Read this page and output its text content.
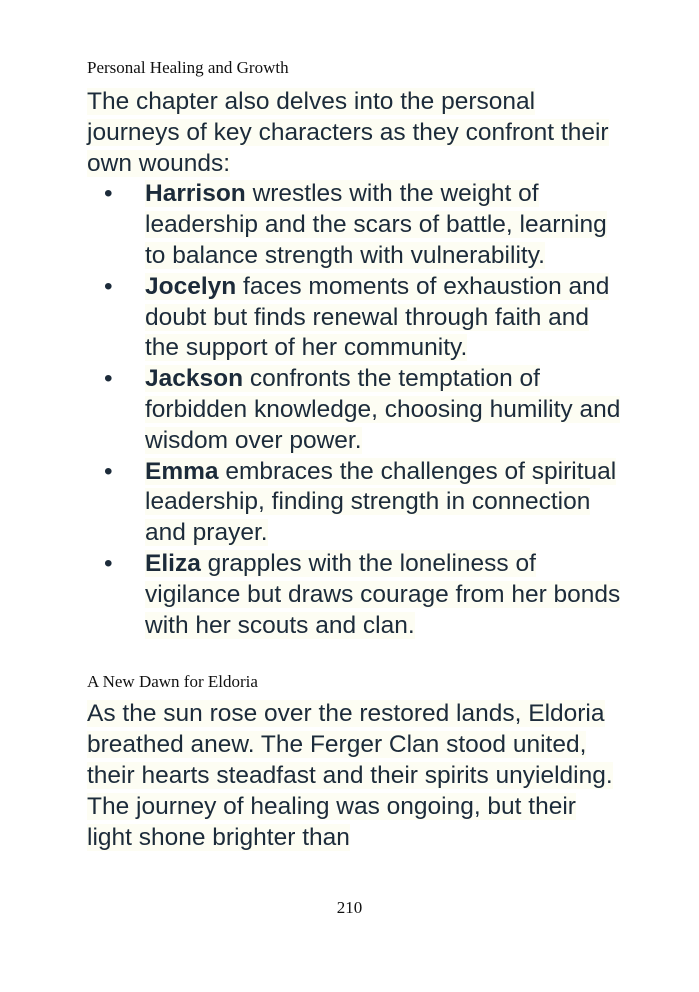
Personal Healing and Growth

The chapter also delves into the personal journeys of key characters as they confront their own wounds:

• Harrison wrestles with the weight of leadership and the scars of battle, learning to balance strength with vulnerability.
• Jocelyn faces moments of exhaustion and doubt but finds renewal through faith and the support of her community.
• Jackson confronts the temptation of forbidden knowledge, choosing humility and wisdom over power.
• Emma embraces the challenges of spiritual leadership, finding strength in connection and prayer.
• Eliza grapples with the loneliness of vigilance but draws courage from her bonds with her scouts and clan.

A New Dawn for Eldoria

As the sun rose over the restored lands, Eldoria breathed anew. The Ferger Clan stood united, their hearts steadfast and their spirits unyielding. The journey of healing was ongoing, but their light shone brighter than

210
